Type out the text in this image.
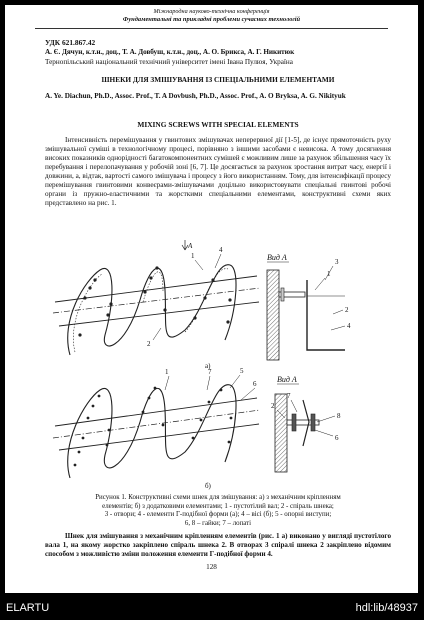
Міжнародна науково-технічна конференція
Фундаментальні та прикладні проблеми сучасних технологій
УДК 621.867.42
А. Є. Дячун, к.т.н., доц., Т. А. Довбуш, к.т.н., доц., А. О. Брикса, А. Г. Никитюк
Тернопільський національний технічний університет імені Івана Пулюя, Україна
ШНЕКИ ДЛЯ ЗМІШУВАННЯ ІЗ СПЕЦІАЛЬНИМИ ЕЛЕМЕНТАМИ
A. Ye. Diachun, Ph.D., Assoc. Prof., T. A Dovbush, Ph.D., Assoc. Prof., A. O Bryksa, A. G. Nikityuk
MIXING SCREWS WITH SPECIAL ELEMENTS

Інтенсивність перемішування у гвинтових змішувачах неперервної дії [1-5], де існує прямоточність руху змішувальної суміші в технологічному процесі, порівняно з іншими засобами є невисока. А тому досягнення високих показників однорідності багатокомпонентних сумішей є можливим лише за рахунок збільшення часу їх перебування і перелопачування у робочій зоні [6, 7]. Це досягається за рахунок зростання витрат часу, енергії і довжини, а, відтак, вартості самого змішувача і процесу з його використанням. Тому, для інтенсифікації процесу перемішування гвинтовими конвеєрами-змішувачами доцільно використовувати спеціальні гвинтові робочі органи із пружно-еластичними та жорсткими спеціальними елементами, конструктивні схеми яких представлено на рис. 1.

1
4
2
A
а)
Вид А
1
3
2
4
1	7	5
6
б)
Вид А
7
2
8
6
Рисунок 1. Конструктивні схеми шнек для змішування: а) з механічним кріпленням
елементів; б) з додатковими елементами; 1 - пустотілий вал; 2 - спіраль шнека;
3 - отвори; 4 - елементи Г-подібної форми (а); 4 – вісі (б); 5 - опорні виступи;
6, 8 – гайки; 7 – лопаті

Шнек для змішування з механічним кріпленням елементів (рис. 1 а) виконано у вигляді пустотілого вала 1, на якому жорстко закріплено спіраль шнека 2. В отворах 3 спіралі шнека 2 закріплено відомим способом з можливістю зміни положення елементи Г-подібної форми 4.

128
ELARTU	hdl:lib/48937
